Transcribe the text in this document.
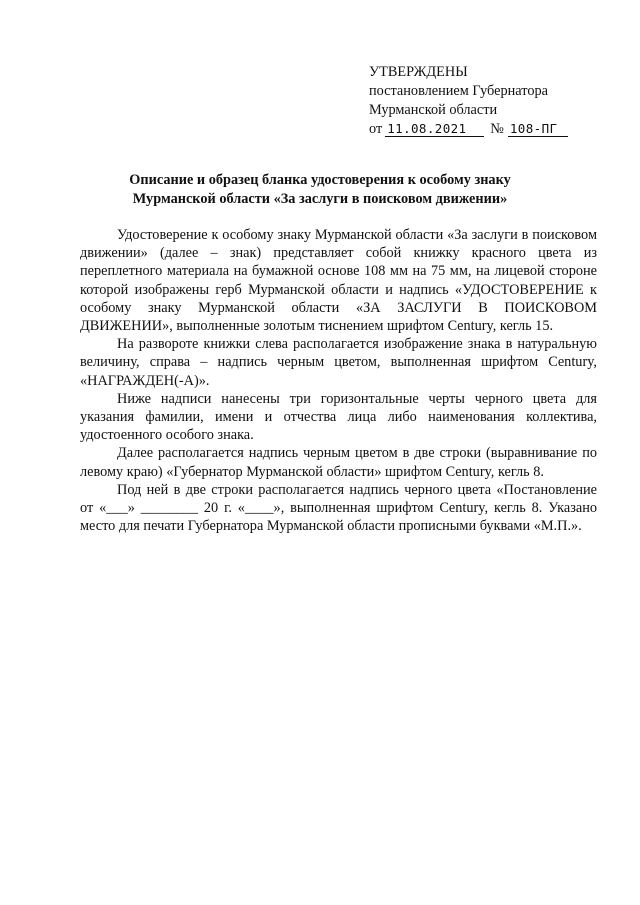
УТВЕРЖДЕНЫ
постановлением Губернатора
Мурманской области
от 11.08.2021	№ 108-ПГ
Описание и образец бланка удостоверения к особому знаку
Мурманской области «За заслуги в поисковом движении»

Удостоверение к особому знаку Мурманской области «За заслуги в поисковом движении» (далее – знак) представляет собой книжку красного цвета из переплетного материала на бумажной основе 108 мм на 75 мм, на лицевой стороне которой изображены герб Мурманской области и надпись «УДОСТОВЕРЕНИЕ к особому знаку Мурманской области «ЗА ЗАСЛУГИ В ПОИСКОВОМ ДВИЖЕНИИ», выполненные золотым тиснением шрифтом Century, кегль 15.

На развороте книжки слева располагается изображение знака в натуральную величину, справа – надпись черным цветом, выполненная шрифтом Century, «НАГРАЖДЕН(-А)».

Ниже надписи нанесены три горизонтальные черты черного цвета для указания фамилии, имени и отчества лица либо наименования коллектива, удостоенного особого знака.

Далее располагается надпись черным цветом в две строки (выравнивание по левому краю) «Губернатор Мурманской области» шрифтом Century, кегль 8.

Под ней в две строки располагается надпись черного цвета «Постановление от «___» ________ 20 г. «____», выполненная шрифтом Century, кегль 8. Указано место для печати Губернатора Мурманской области прописными буквами «М.П.».
